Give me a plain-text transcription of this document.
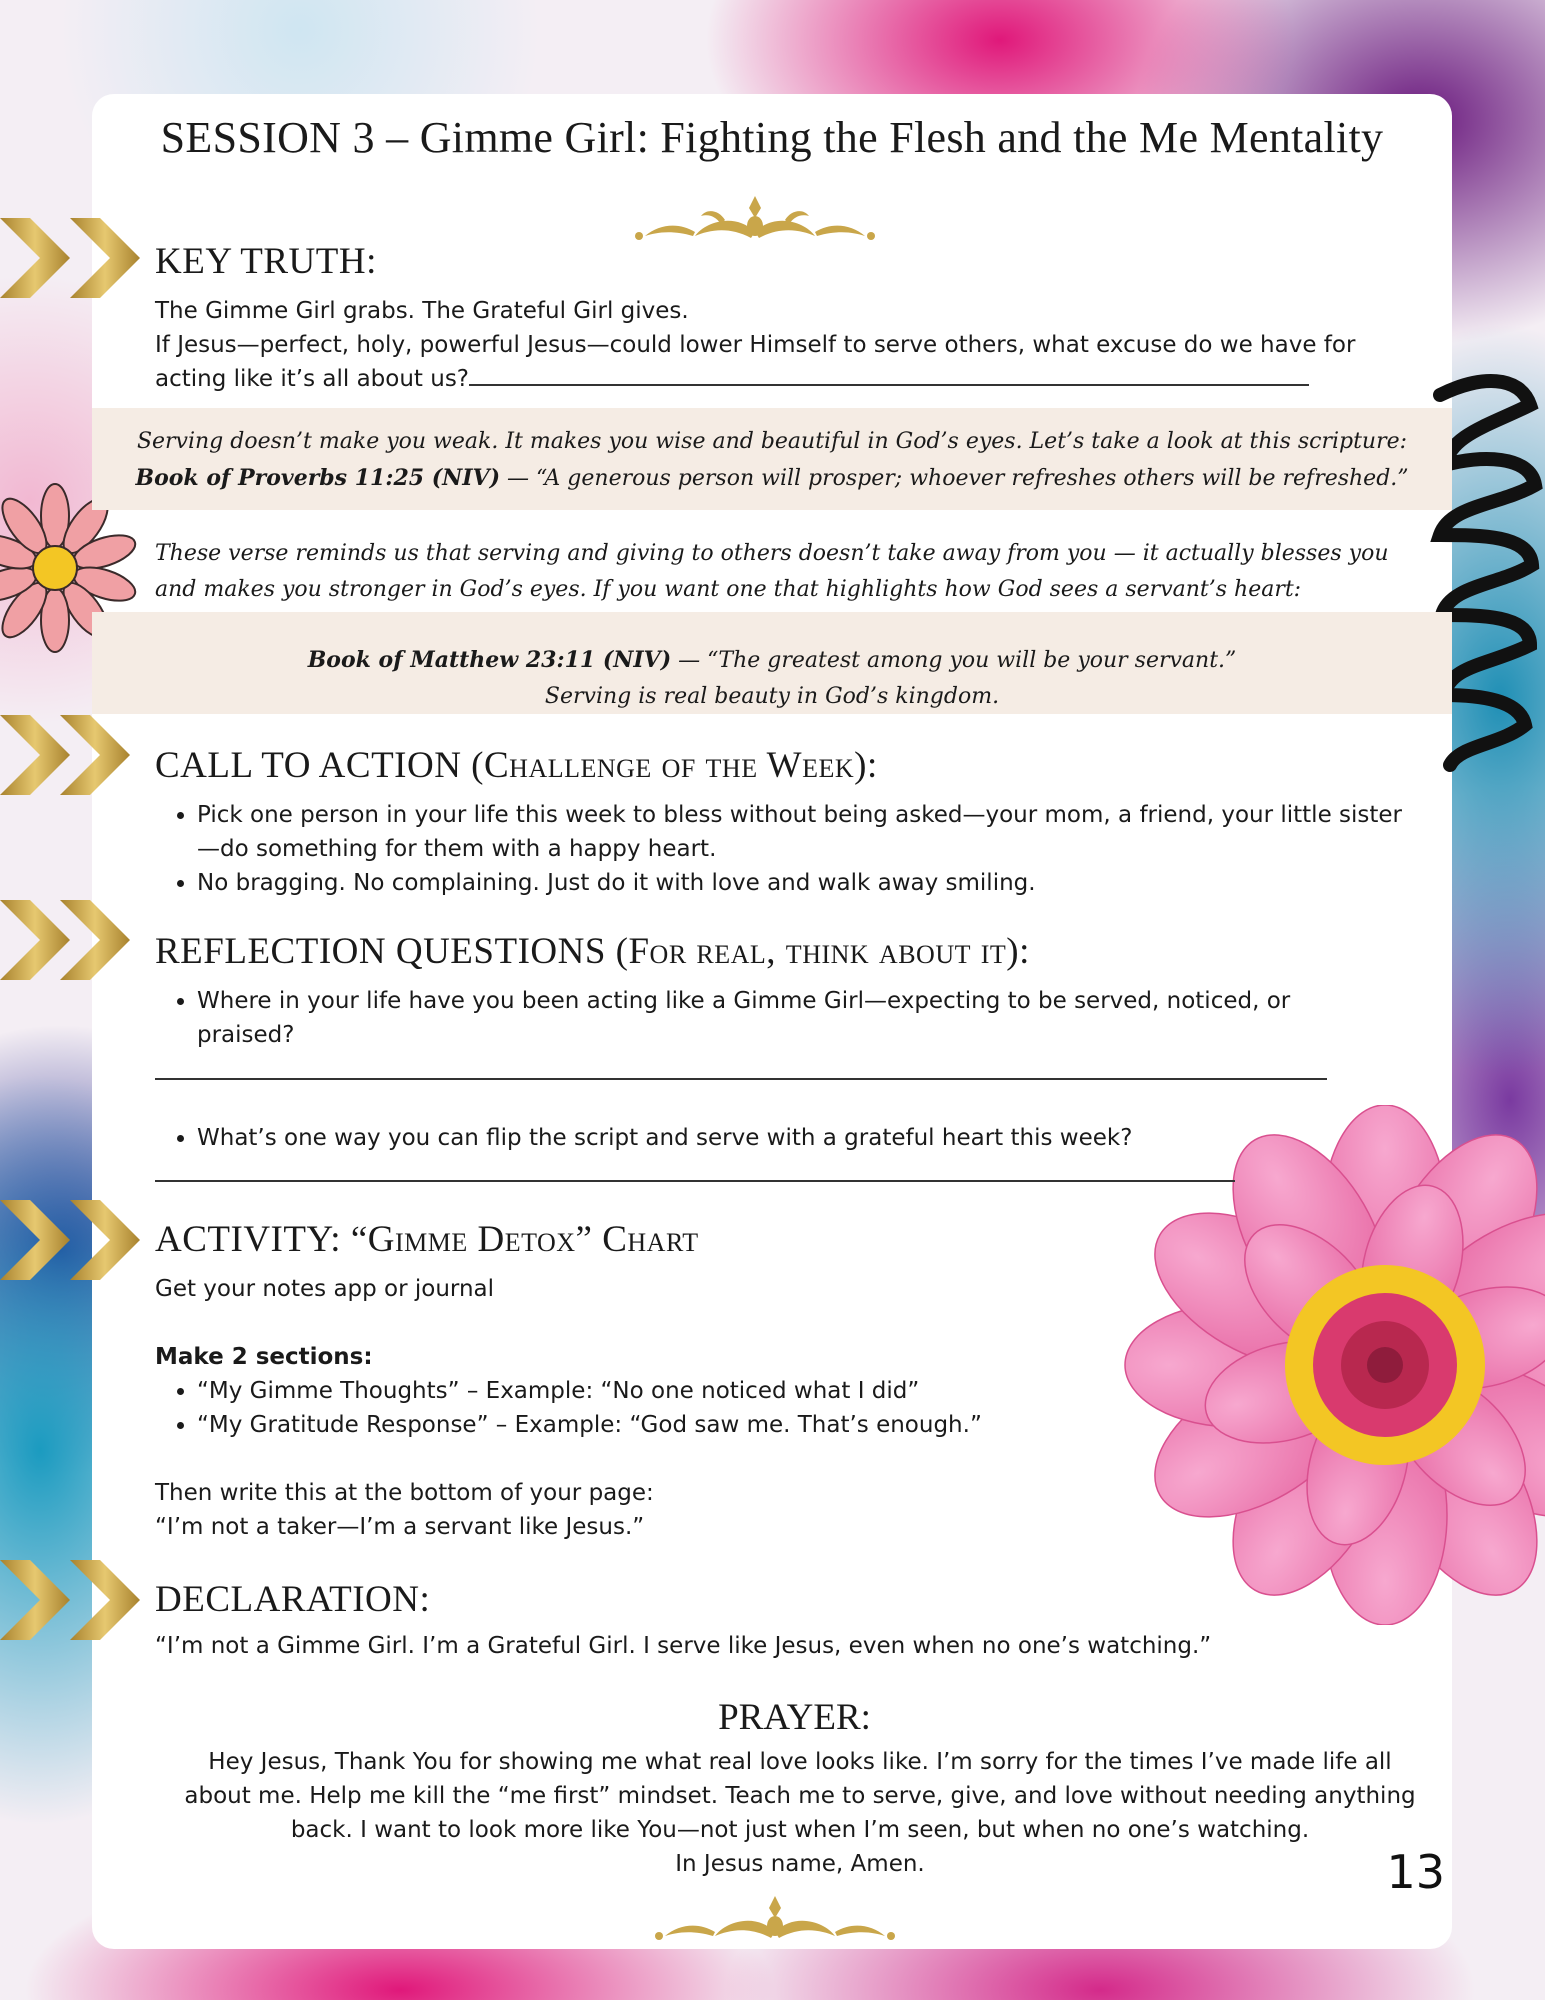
SESSION 3 – Gimme Girl: Fighting the Flesh and the Me Mentality
KEY TRUTH:
The Gimme Girl grabs. The Grateful Girl gives.
If Jesus—perfect, holy, powerful Jesus—could lower Himself to serve others, what excuse do we have for
acting like it’s all about us?
Serving doesn’t make you weak. It makes you wise and beautiful in God’s eyes. Let’s take a look at this scripture:
Book of Proverbs 11:25 (NIV) — “A generous person will prosper; whoever refreshes others will be refreshed.”
These verse reminds us that serving and giving to others doesn’t take away from you — it actually blesses you
and makes you stronger in God’s eyes. If you want one that highlights how God sees a servant’s heart:
Book of Matthew 23:11 (NIV) — “The greatest among you will be your servant.”
Serving is real beauty in God’s kingdom.
CALL TO ACTION (Challenge of the Week):
• Pick one person in your life this week to bless without being asked—your mom, a friend, your little sister—do something for them with a happy heart.
• No bragging. No complaining. Just do it with love and walk away smiling.
REFLECTION QUESTIONS (For real, think about it):
• Where in your life have you been acting like a Gimme Girl—expecting to be served, noticed, or praised?
• What’s one way you can flip the script and serve with a grateful heart this week?
ACTIVITY: “Gimme Detox” Chart
Get your notes app or journal
Make 2 sections:
• “My Gimme Thoughts” – Example: “No one noticed what I did”
• “My Gratitude Response” – Example: “God saw me. That’s enough.”
Then write this at the bottom of your page:
“I’m not a taker—I’m a servant like Jesus.”
DECLARATION:
“I’m not a Gimme Girl. I’m a Grateful Girl. I serve like Jesus, even when no one’s watching.”
PRAYER:
Hey Jesus, Thank You for showing me what real love looks like. I’m sorry for the times I’ve made life all
about me. Help me kill the “me first” mindset. Teach me to serve, give, and love without needing anything
back. I want to look more like You—not just when I’m seen, but when no one’s watching.
In Jesus name, Amen.	13
